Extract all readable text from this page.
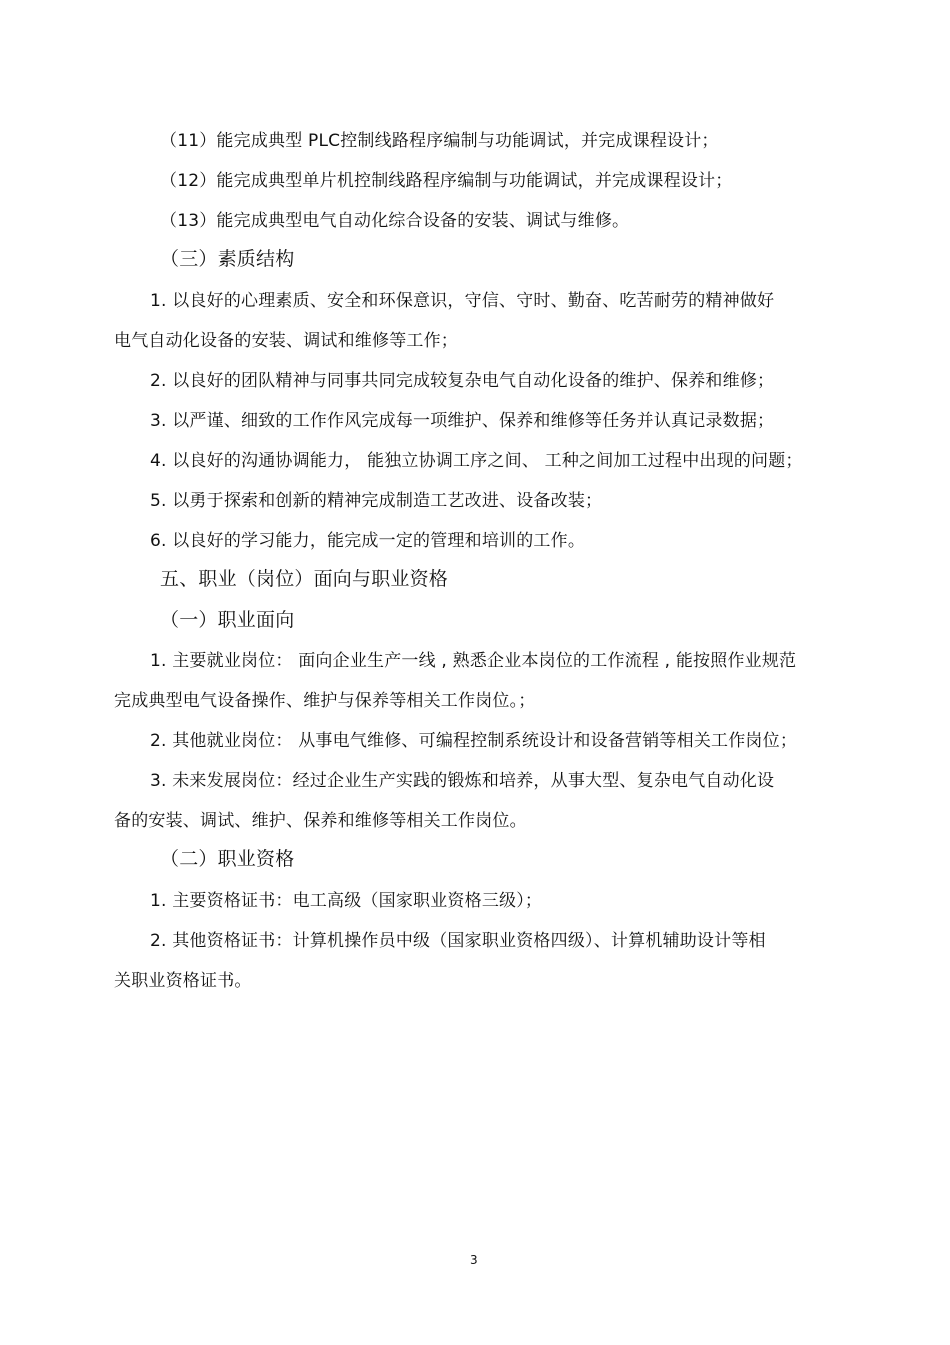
（11）能完成典型 PLC控制线路程序编制与功能调试，并完成课程设计；
（12）能完成典型单片机控制线路程序编制与功能调试，并完成课程设计；
（13）能完成典型电气自动化综合设备的安装、调试与维修。
（三）素质结构
1. 以良好的心理素质、安全和环保意识，守信、守时、勤奋、吃苦耐劳的精神做好
电气自动化设备的安装、调试和维修等工作；
2. 以良好的团队精神与同事共同完成较复杂电气自动化设备的维护、保养和维修；
3. 以严谨、细致的工作作风完成每一项维护、保养和维修等任务并认真记录数据；
4. 以良好的沟通协调能力， 能独立协调工序之间、 工种之间加工过程中出现的问题；
5. 以勇于探索和创新的精神完成制造工艺改进、设备改装；
6. 以良好的学习能力，能完成一定的管理和培训的工作。
五、职业（岗位）面向与职业资格
（一）职业面向
1. 主要就业岗位： 面向企业生产一线 , 熟悉企业本岗位的工作流程 , 能按照作业规范
完成典型电气设备操作、维护与保养等相关工作岗位。；
2. 其他就业岗位： 从事电气维修、可编程控制系统设计和设备营销等相关工作岗位；
3. 未来发展岗位：经过企业生产实践的锻炼和培养，从事大型、复杂电气自动化设
备的安装、调试、维护、保养和维修等相关工作岗位。
（二）职业资格
1. 主要资格证书：电工高级（国家职业资格三级）；
2. 其他资格证书：计算机操作员中级（国家职业资格四级）、计算机辅助设计等相
关职业资格证书。
3
